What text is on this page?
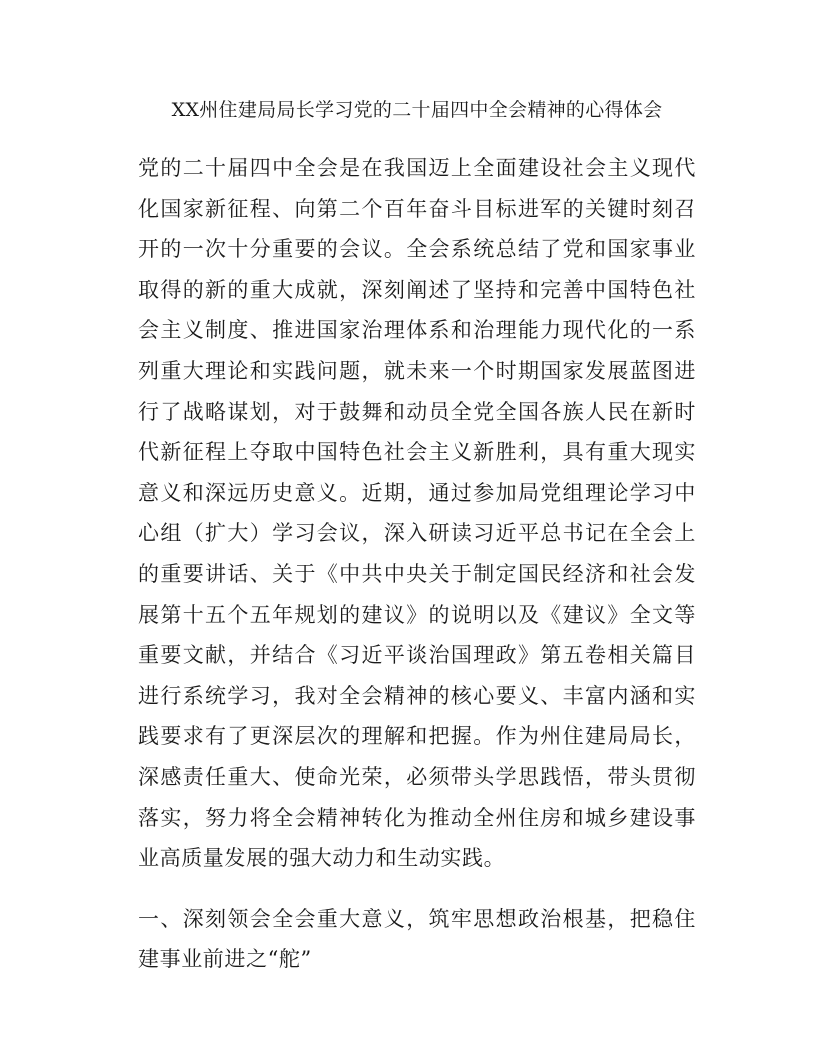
XX州住建局局长学习党的二十届四中全会精神的心得体会

党的二十届四中全会是在我国迈上全面建设社会主义现代化国家新征程、向第二个百年奋斗目标进军的关键时刻召开的一次十分重要的会议。全会系统总结了党和国家事业取得的新的重大成就，深刻阐述了坚持和完善中国特色社会主义制度、推进国家治理体系和治理能力现代化的一系列重大理论和实践问题，就未来一个时期国家发展蓝图进行了战略谋划，对于鼓舞和动员全党全国各族人民在新时代新征程上夺取中国特色社会主义新胜利，具有重大现实意义和深远历史意义。近期，通过参加局党组理论学习中心组（扩大）学习会议，深入研读习近平总书记在全会上的重要讲话、关于《中共中央关于制定国民经济和社会发展第十五个五年规划的建议》的说明以及《建议》全文等重要文献，并结合《习近平谈治国理政》第五卷相关篇目进行系统学习，我对全会精神的核心要义、丰富内涵和实践要求有了更深层次的理解和把握。作为州住建局局长，深感责任重大、使命光荣，必须带头学思践悟，带头贯彻落实，努力将全会精神转化为推动全州住房和城乡建设事业高质量发展的强大动力和生动实践。

一、深刻领会全会重大意义，筑牢思想政治根基，把稳住建事业前进之“舵”
